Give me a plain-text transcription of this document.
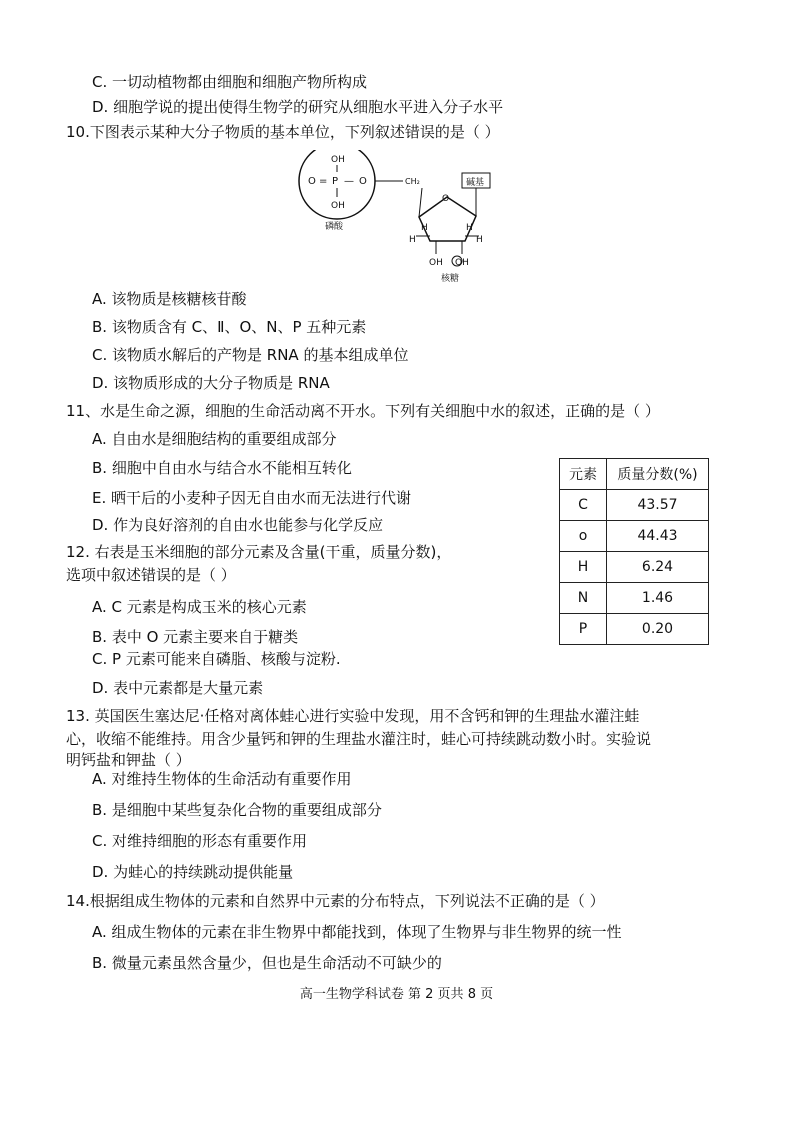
C. 一切动植物都由细胞和细胞产物所构成
D. 细胞学说的提出使得生物学的研究从细胞水平进入分子水平
10.下图表示某种大分子物质的基本单位，下列叙述错误的是（ ）
OH
O = P — O
OH
磷酸
CH₂	碱基
O
H	H
H	H
OH OH
核糖
A. 该物质是核糖核苷酸
B. 该物质含有 C、Ⅱ、O、N、P 五种元素
C. 该物质水解后的产物是 RNA 的基本组成单位
D. 该物质形成的大分子物质是 RNA
11、水是生命之源，细胞的生命活动离不开水。下列有关细胞中水的叙述，正确的是（ ）
A. 自由水是细胞结构的重要组成部分
B. 细胞中自由水与结合水不能相互转化
E. 晒干后的小麦种子因无自由水而无法进行代谢
D. 作为良好溶剂的自由水也能参与化学反应
12. 右表是玉米细胞的部分元素及含量(干重，质量分数)，
选项中叙述错误的是（ ）
A. C 元素是构成玉米的核心元素
B. 表中 O 元素主要来自于糖类
C. P 元素可能来自磷脂、核酸与淀粉.
D. 表中元素都是大量元素
元素	质量分数(%)
C	43.57
o	44.43
H	6.24
N	1.46
P	0.20
13. 英国医生塞达尼·任格对离体蛙心进行实验中发现，用不含钙和钾的生理盐水灌注蛙
心，收缩不能维持。用含少量钙和钾的生理盐水灌注时，蛙心可持续跳动数小时。实验说
明钙盐和钾盐（ ）
A. 对维持生物体的生命活动有重要作用
B. 是细胞中某些复杂化合物的重要组成部分
C. 对维持细胞的形态有重要作用
D. 为蛙心的持续跳动提供能量
14.根据组成生物体的元素和自然界中元素的分布特点，下列说法不正确的是（ ）
A. 组成生物体的元素在非生物界中都能找到，体现了生物界与非生物界的统一性
B. 微量元素虽然含量少，但也是生命活动不可缺少的
高一生物学科试卷 第 2 页共 8 页
